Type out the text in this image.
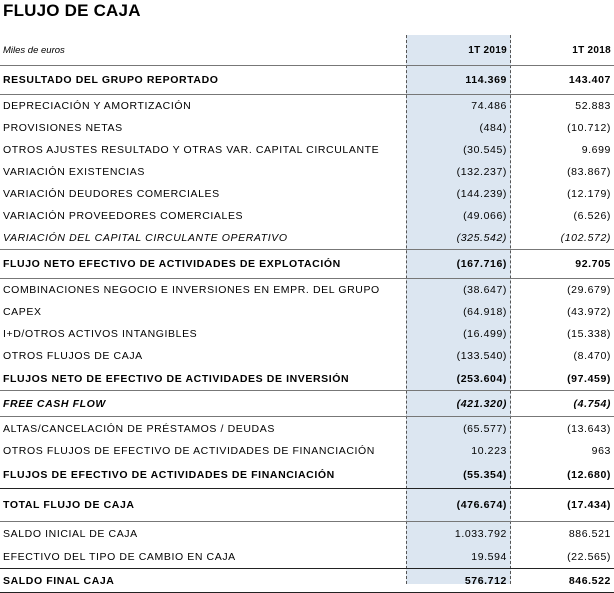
FLUJO DE CAJA
Miles de euros	1T 2019	1T 2018
RESULTADO DEL GRUPO REPORTADO	114.369	143.407
DEPRECIACIÓN Y AMORTIZACIÓN	74.486	52.883
PROVISIONES NETAS	(484)	(10.712)
OTROS AJUSTES RESULTADO Y OTRAS VAR. CAPITAL CIRCULANTE	(30.545)	9.699
VARIACIÓN EXISTENCIAS	(132.237)	(83.867)
VARIACIÓN DEUDORES COMERCIALES	(144.239)	(12.179)
VARIACIÓN PROVEEDORES COMERCIALES	(49.066)	(6.526)
VARIACIÓN DEL CAPITAL CIRCULANTE OPERATIVO	(325.542)	(102.572)
FLUJO NETO EFECTIVO DE ACTIVIDADES DE EXPLOTACIÓN	(167.716)	92.705
COMBINACIONES NEGOCIO E INVERSIONES EN EMPR. DEL GRUPO	(38.647)	(29.679)
CAPEX	(64.918)	(43.972)
I+D/OTROS ACTIVOS INTANGIBLES	(16.499)	(15.338)
OTROS FLUJOS DE CAJA	(133.540)	(8.470)
FLUJOS NETO DE EFECTIVO DE ACTIVIDADES DE INVERSIÓN	(253.604)	(97.459)
FREE CASH FLOW	(421.320)	(4.754)
ALTAS/CANCELACIÓN DE PRÉSTAMOS / DEUDAS	(65.577)	(13.643)
OTROS FLUJOS DE EFECTIVO DE ACTIVIDADES DE FINANCIACIÓN	10.223	963
FLUJOS DE EFECTIVO DE ACTIVIDADES DE FINANCIACIÓN	(55.354)	(12.680)
TOTAL FLUJO DE CAJA	(476.674)	(17.434)
SALDO INICIAL DE CAJA	1.033.792	886.521
EFECTIVO DEL TIPO DE CAMBIO EN CAJA	19.594	(22.565)
SALDO FINAL CAJA	576.712	846.522
